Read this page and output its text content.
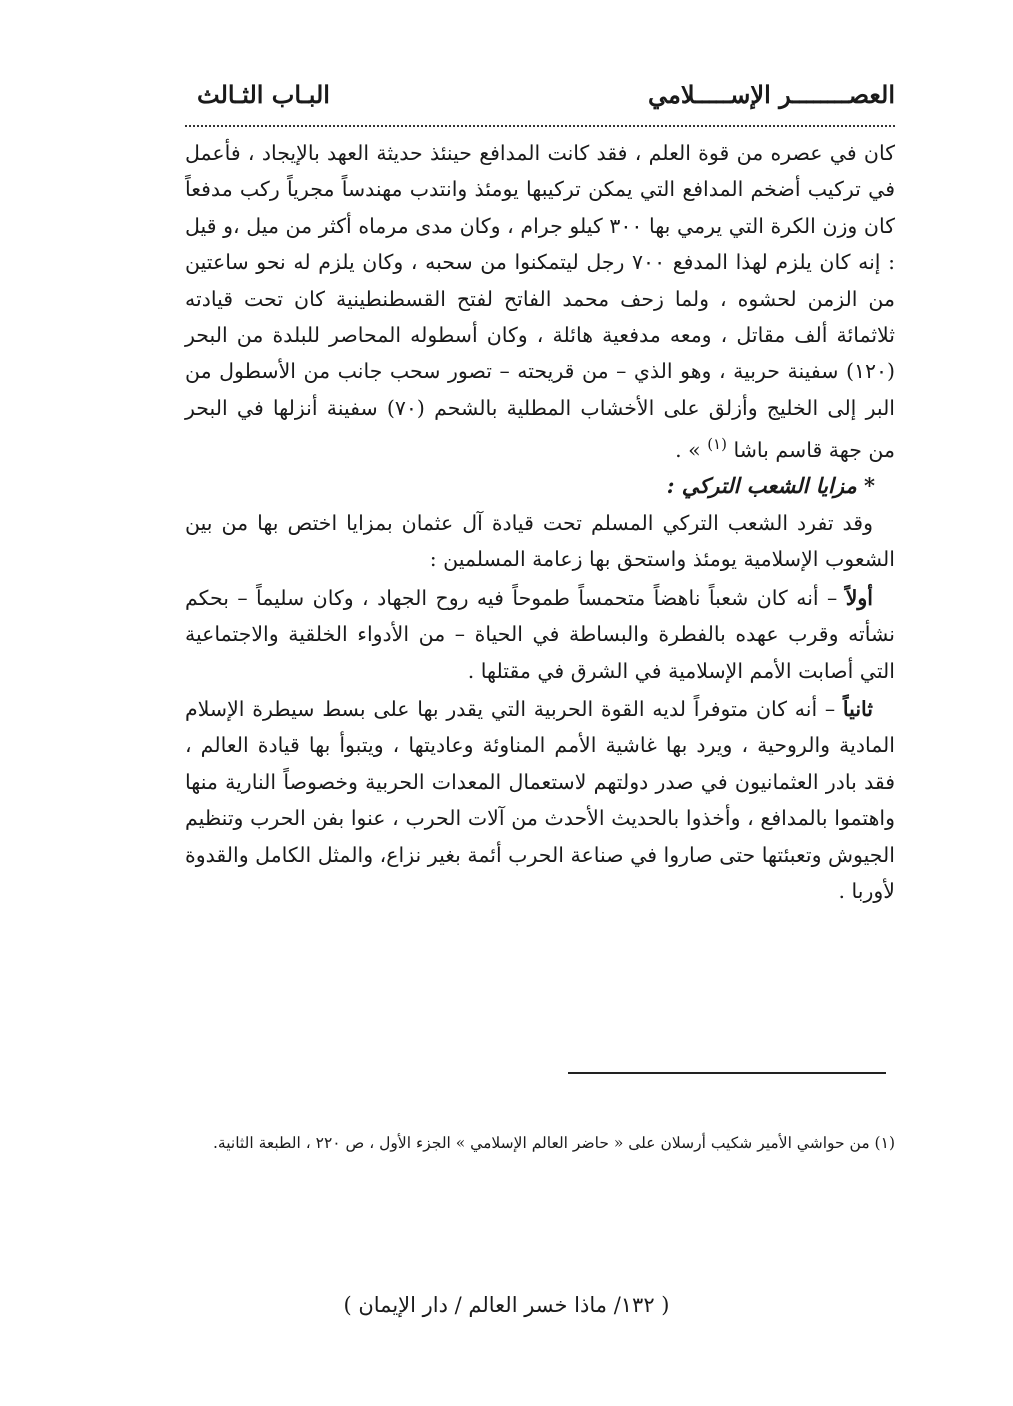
العصــــــــر الإســـــلامي
البـاب الثـالث

كان في عصره من قوة العلم ، فقد كانت المدافع حينئذ حديثة العهد بالإيجاد ، فأعمل في تركيب أضخم المدافع التي يمكن تركيبها يومئذ وانتدب مهندساً مجرياً ركب مدفعاً كان وزن الكرة التي يرمي بها ٣٠٠ كيلو جرام ، وكان مدى مرماه أكثر من ميل ،و قيل : إنه كان يلزم لهذا المدفع ٧٠٠ رجل ليتمكنوا من سحبه ، وكان يلزم له نحو ساعتين من الزمن لحشوه ، ولما زحف محمد الفاتح لفتح القسطنطينية كان تحت قيادته ثلاثمائة ألف مقاتل ، ومعه مدفعية هائلة ، وكان أسطوله المحاصر للبلدة من البحر (١٢٠) سفينة حربية ، وهو الذي – من قريحته – تصور سحب جانب من الأسطول من البر إلى الخليج وأزلق على الأخشاب المطلية بالشحم (٧٠) سفينة أنزلها في البحر من جهة قاسم باشا $^{(١)}$ » .

* مزايا الشعب التركي :

وقد تفرد الشعب التركي المسلم تحت قيادة آل عثمان بمزايا اختص بها من بين الشعوب الإسلامية يومئذ واستحق بها زعامة المسلمين :

أولاً – أنه كان شعباً ناهضاً متحمساً طموحاً فيه روح الجهاد ، وكان سليماً – بحكم نشأته وقرب عهده بالفطرة والبساطة في الحياة – من الأدواء الخلقية والاجتماعية التي أصابت الأمم الإسلامية في الشرق في مقتلها .

ثانياً – أنه كان متوفراً لديه القوة الحربية التي يقدر بها على بسط سيطرة الإسلام المادية والروحية ، ويرد بها غاشية الأمم المناوئة وعاديتها ، ويتبوأ بها قيادة العالم ، فقد بادر العثمانيون في صدر دولتهم لاستعمال المعدات الحربية وخصوصاً النارية منها واهتموا بالمدافع ، وأخذوا بالحديث الأحدث من آلات الحرب ، عنوا بفن الحرب وتنظيم الجيوش وتعبئتها حتى صاروا في صناعة الحرب أئمة بغير نزاع، والمثل الكامل والقدوة لأوربا .

(١) من حواشي الأمير شكيب أرسلان على « حاضر العالم الإسلامي » الجزء الأول ، ص ٢٢٠ ، الطبعة الثانية.
( ١٣٢/ ماذا خسر العالم / دار الإيمان )
